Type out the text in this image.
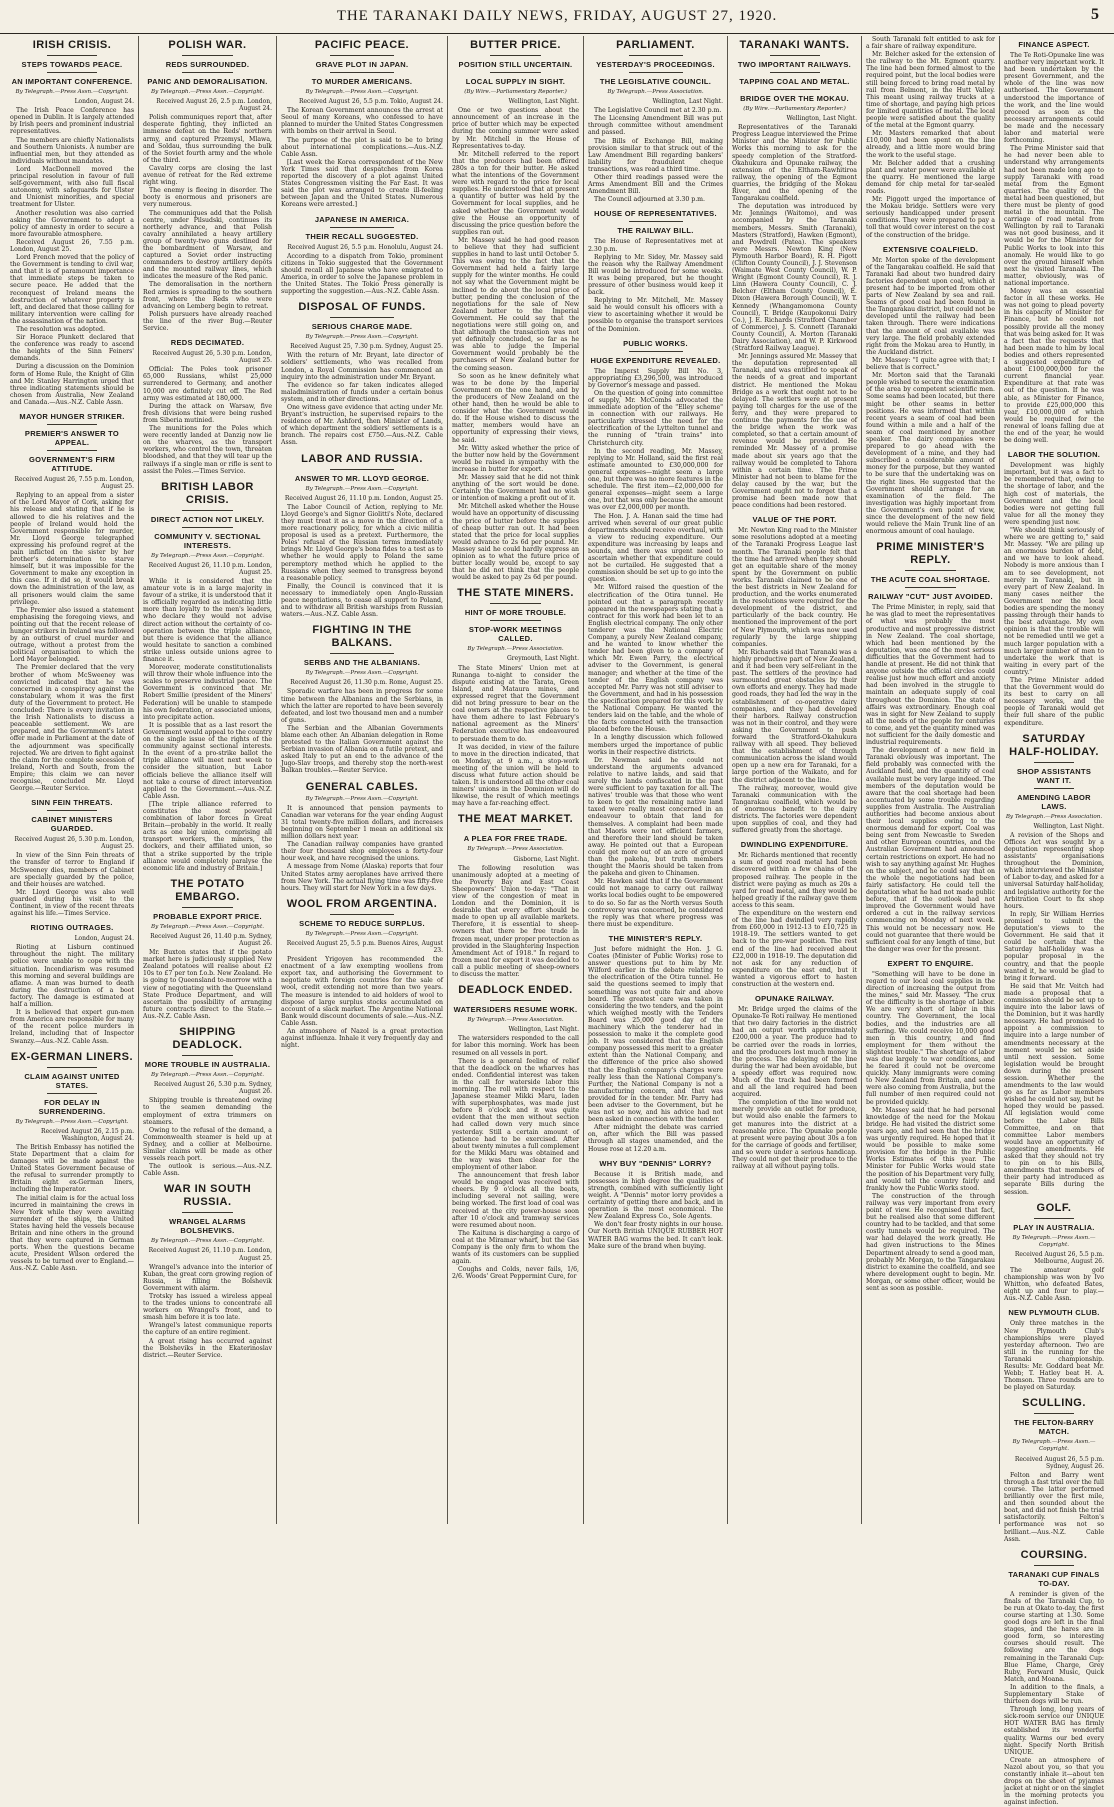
THE TARANAKI DAILY NEWS, FRIDAY, AUGUST 27, 1920.	5
IRISH CRISIS.
STEPS TOWARDS PEACE.
AN IMPORTANT CONFERENCE.
By Telegraph.—Press Assn.—Copyright.
London, August 24.

The Irish Peace Conference has opened in Dublin. It is largely attended by Irish peers and prominent industrial representatives.

The members are chiefly Nationalists and Southern Unionists. A number are influential men, but they attended as individuals without mandates.

Lord MacDonnell moved the principal resolution in favour of full self-government, with also full fiscal autonomy, with safeguards for Ulster and Unionist minorities, and special treatment for Ulster.

Another resolution was also carried asking the Government to adopt a policy of amnesty in order to secure a more favourable atmosphere.

Received August 26, 7.55 p.m. London, August 25.

Lord French moved that the policy of the Government is tending to civil war, and that it is of paramount importance that immediate steps be taken to secure peace. He added that the reconquest of Ireland means the destruction of whatever property is left, and declared that those calling for military intervention were calling for the assassination of the nation.

The resolution was adopted.

Sir Horace Plunkett declared that the conference was ready to ascend the heights of the Sinn Feiners' demands.

During a discussion on the Dominion form of Home Rule, the Knight of Glin and Mr. Stanley Harrington urged that three indicating statements should be chosen from Australia, New Zealand and Canada.—Aus.-N.Z. Cable Assn.

MAYOR HUNGER STRIKER.
PREMIER'S ANSWER TO APPEAL.
GOVERNMENT'S FIRM ATTITUDE.
Received August 26, 7.55 p.m. London, August 25.

Replying to an appeal from a sister of the Lord Mayor of Cork, asking for his release and stating that if he is allowed to die his relatives and the people of Ireland would hold the Government responsible for murder, Mr. Lloyd George telegraphed expressing his profound regret at the pain inflicted on the sister by her brother's determination to starve himself, but it was impossible for the Government to make any exception in this case. If it did so, it would break down the administration of the law, as all prisoners would claim the same privilege.

The Premier also issued a statement emphasising the foregoing views, and pointing out that the recent release of hunger strikers in Ireland was followed by an outburst of cruel murder and outrage, without a protest from the political organisation to which the Lord Mayor belonged.

The Premier declared that the very brother of whom McSweeney was convicted indicated that he was concerned in a conspiracy against the constabulary, whom it was the first duty of the Government to protect. He concluded: There is every invitation in the Irish Nationalists to discuss a peaceable settlement. We are prepared, and the Government's latest offer made in Parliament at the date of the adjournment was specifically rejected. We are driven to fight against the claim for the complete secession of Ireland, North and South, from the Empire; this claim we can never recognise, concluded Mr. Lloyd George.—Reuter Service.

SINN FEIN THREATS.
CABINET MINISTERS GUARDED.
Received August 26, 5.30 p.m. London, August 25.

In view of the Sinn Fein threats of the transfer of terror to England if McSweeney dies, members of Cabinet are specially guarded by the police, and their houses are watched.

Mr. Lloyd George was also well guarded during his visit to the Continent, in view of the recent threats against his life.—Times Service.

RIOTING OUTRAGES.
London, August 24.

Rioting at Lisburn continued throughout the night. The military police were unable to cope with the situation. Incendiarism was resumed this morning and several buildings are aflame. A man was burned to death during the destruction of a boot factory. The damage is estimated at half a million.

It is believed that expert gun-men from America are responsible for many of the recent police murders in Ireland, including that of Inspector Swanzy.—Aus.-N.Z. Cable Assn.

EX-GERMAN LINERS.
CLAIM AGAINST UNITED STATES.
FOR DELAY IN SURRENDERING.
By Telegraph.—Press Assn.—Copyright.
Received August 26, 2.15 p.m. Washington, August 24.

The British Embassy has notified the State Department that a claim for damages will be made against the United States Government because of the refusal to surrender promptly to Britain eight ex-German liners, including the Imperator.

The initial claim is for the actual loss incurred in maintaining the crews in New York while they were awaiting surrender of the ships, the United States having held the vessels because Britain and nine others in the ground that they were captured in German ports. When the questions became acute, President Wilson ordered the vessels to be turned over to England.—Aus.-N.Z. Cable Assn.

POLISH WAR.
REDS SURROUNDED.
PANIC AND DEMORALISATION.
By Telegraph.—Press Assn.—Copyright.
Received August 26, 2.5 p.m. London, August 24.

Polish communiques report that, after desperate fighting, they inflicted an immense defeat on the Reds' northern army, and captured Przemysl, Mlawa, and Soldau, thus surrounding the bulk of the Soviet fourth army and the whole of the third.

Cavalry corps are closing the last avenue of retreat for the Red extreme right wing.

The enemy is fleeing in disorder. The booty is enormous and prisoners are very numerous.

The communiques add that the Polish centre, under Pilsudski, continues its northerly advance, and that Polish cavalry annihilated a heavy artillery group of twenty-two guns destined for the bombardment of Warsaw, and captured a Soviet order instructing commanders to destroy artillery depôts and the mounted railway lines, which indicates the measure of the Red panic.

The demoralisation in the northern Red armies is spreading to the southern front, where the Reds who were advancing on Lemberg begin to retreat.

Polish pursuers have already reached the line of the river Bug.—Reuter Service.

REDS DECIMATED.
Received August 26, 5.30 p.m. London, August 25.

Official: The Poles took prisoner 65,000 Russians, whilst 25,000 surrendered to Germany, and another 10,000 are definitely cut off. The Red army was estimated at 180,000.

During the attack on Warsaw, five fresh divisions that were being rushed from Siberia mutinied.

The munitions for the Poles which were recently landed at Danzig now lie on the wharves, as the transport workers, who control the town, threaten bloodshed, and that they will tear up the railways if a single man or rifle is sent to assist the Poles.—Times Service.

BRITISH LABOR CRISIS.
DIRECT ACTION NOT LIKELY.
COMMUNITY V. SECTIONAL INTERESTS.
By Telegraph.—Press Assn.—Copyright.
Received August 26, 11.10 p.m. London, August 25.

While it is considered that the amateur vote is in a large majority in favour of a strike, it is understood that it is officially regarded as indicating little more than loyalty to the men's leaders, who declare they would not advise direct action without the certainty of co-operation between the triple alliance, but there is evidence that the alliance would hesitate to sanction a combined strike unless outside unions agree to finance it.

Moreover, moderate constitutionalists will throw their whole influence into the scales to preserve industrial peace. The Government is convinced that Mr. Robert Smillie (president of the Miners' Federation) will be unable to stampede his own federation, or associated unions, into precipitate action.

It is possible that as a last resort the Government would appeal to the country on the single issue of the rights of the community against sectional interests. In the event of a pro-strike ballot the triple alliance will meet next week to consider the situation, but Labor officials believe the alliance itself will not take a course of direct intervention applied to the Government.—Aus.-N.Z. Cable Assn.

[The triple alliance referred to constitutes the most powerful combination of labor forces in Great Britain—probably in the world. It really acts as one big union, comprising all transport workers, the miners, the dockers, and their affiliated union, so that a strike supported by the triple alliance would completely paralyse the economic life and industry of Britain.]

THE POTATO EMBARGO.
PROBABLE EXPORT PRICE.
By Telegraph.—Press Assn.—Copyright.
Received August 26, 11.40 p.m. Sydney, August 26.

Mr. Buxton states that if the potato market here is judiciously supplied New Zealand potatoes will realise about £2 10s to £7 per ton f.o.b. New Zealand. He is going to Queensland to-morrow with a view of negotiating with the Queensland State Produce Department, and will ascertain the possibility of arranging future contracts direct to the State.—Aus.-N.Z. Cable Assn.

SHIPPING DEADLOCK.
MORE TROUBLE IN AUSTRALIA.
By Telegraph.—Press Assn.—Copyright.
Received August 26, 5.30 p.m. Sydney, August 26.

Shipping trouble is threatened owing to the seamen demanding the employment of extra trimmers on steamers.

Owing to the refusal of the demand, a Commonwealth steamer is held up at Sydney, and a collier at Melbourne. Similar claims will be made as other vessels reach port.

The outlook is serious.—Aus.-N.Z. Cable Assn.

WAR IN SOUTH RUSSIA.
WRANGEL ALARMS BOLSHEVIKS.
By Telegraph.—Press Assn.—Copyright.
Received August 26, 11.10 p.m. London, August 25.

Wrangel's advance into the interior of Kuban, the great corn growing region of Russia, is filling the Bolshevik Government with alarm.

Trotsky has issued a wireless appeal to the trades unions to concentrate all workers on Wrangel's front, and to smash him before it is too late.

Wrangel's latest communique reports the capture of an entire regiment.

A great rising has occurred against the Bolsheviks in the Ekaterinoslav district.—Reuter Service.

PACIFIC PEACE.
GRAVE PLOT IN JAPAN.
TO MURDER AMERICANS.
By Telegraph.—Press Assn.—Copyright.
Received August 26, 5.5 p.m. Tokio, August 24.

The Korean Government announces the arrest at Seoul of many Koreans, who confessed to have planned to murder the United States Congressmen with bombs on their arrival in Seoul.

The purpose of the plot is said to be to bring about international complications.—Aus.-N.Z. Cable Assn.

[Last week the Korea correspondent of the New York Times said that despatches from Korea reported the discovery of a plot against United States Congressmen visiting the Far East. It was said the plot was arranged to create ill-feeling between Japan and the United States. Numerous Koreans were arrested.]

JAPANESE IN AMERICA.
THEIR RECALL SUGGESTED.
Received August 26, 5.5 p.m. Honolulu, August 24.

According to a dispatch from Tokio, prominent citizens in Tokio suggested that the Government should recall all Japanese who have emigrated to America, in order to solve the Japanese problem in the United States. The Tokio Press generally is supporting the suggestion.—Aus.-N.Z. Cable Assn.

DISPOSAL OF FUNDS.
SERIOUS CHARGE MADE.
By Telegraph.—Press Assn.—Copyright.
Received August 25, 7.30 p.m. Sydney, August 25.

With the return of Mr. Bryant, late director of soldiers' settlements, who was recalled from London, a Royal Commission has commenced an inquiry into the administration under Mr. Bryant.

The evidence so far taken indicates alleged maladministration of funds under a certain bonus system, and in other directions.

One witness gave evidence that acting under Mr. Bryant's instruction, he supervised repairs to the residence of Mr. Ashford, then Minister of Lands, of which department the soldiers' settlements is a branch. The repairs cost £750.—Aus.-N.Z. Cable Assn.

LABOR AND RUSSIA.
ANSWER TO MR. LLOYD GEORGE.
By Telegraph.—Press Assn.—Copyright.
Received August 26, 11.10 p.m. London, August 25.

The Labor Council of Action, replying to Mr. Lloyd George's and Signor Giolitti's Note, declared they must treat it as a move in the direction of a more reactionary policy, for which a civic militia proposal is used as a pretext. Furthermore, the Poles' refusal of the Russian terms immediately brings Mr. Lloyd George's bona fides to a test as to whether he would apply to Poland the same peremptory method which he applied to the Russians when they seemed to transgress beyond a reasonable policy.

Finally, the Council is convinced that it is necessary to immediately open Anglo-Russian peace negotiations, to cease all support to Poland, and to withdraw all British warships from Russian waters.—Aus.-N.Z. Cable Assn.

FIGHTING IN THE BALKANS.
SERBS AND THE ALBANIANS.
By Telegraph.—Press Assn.—Copyright.
Received August 26, 11.30 p.m. Rome, August 25.

Sporadic warfare has been in progress for some time between the Albanians and the Serbians, in which the latter are reported to have been severely defeated, and lost two thousand men and a number of guns.

The Serbian and the Albanian Governments blame each other. An Albanian delegation in Rome protested to the Italian Government against the Serbian invasion of Albania on a futile pretext, and asked Italy to put an end to the advance of the Jugo-Slav troops, and thereby stop the north-west Balkan troubles.—Reuter Service.

GENERAL CABLES.
By Telegraph.—Press Assn.—Copyright.

It is announced that pension payments to Canadian war veterans for the year ending August 31 total twenty-five million dollars, and increases beginning on September 1 mean an additional six million dollars next year.

The Canadian railway companies have granted their four thousand shop employees a forty-four hour week, and have recognised the unions.

A message from Nome (Alaska) reports that four United States army aeroplanes have arrived there from New York. The actual flying time was fifty-five hours. They will start for New York in a few days.

WOOL FROM ARGENTINA.
SCHEME TO REDUCE SURPLUS.
By Telegraph.—Press Assn.—Copyright.
Received August 25, 5.5 p.m. Buenos Aires, August 23.

President Yrigoyen has recommended the enactment of a law exempting woollens from export tax, and authorising the Government to negotiate with foreign countries for the sale of wool, credit extending not more than two years. The measure is intended to aid holders of wool to dispose of large surplus stocks accumulated on account of a slack market. The Argentine National Bank would discount documents of sale.—Aus.-N.Z. Cable Assn.

An atmosphere of Nazol is a great protection against influenza. Inhale it very frequently day and night.

BUTTER PRICE.
POSITION STILL UNCERTAIN.
LOCAL SUPPLY IN SIGHT.
(By Wire.—Parliamentary Reporter.)
Wellington, Last Night.

One or two questions about the announcement of an increase in the price of butter which may be expected during the coming summer were asked by Mr. Mitchell in the House of Representatives to-day.

Mr. Mitchell referred to the report that the producers had been offered 280s a ton for their butter. He asked what the intentions of the Government were with regard to the price for local supplies. He understood that at present a quantity of butter was held by the Government for local supplies, and he asked whether the Government would give the House an opportunity of discussing the price question before the supplies ran out.

Mr. Massey said he had good reason to believe that they had sufficient supplies in hand to last until October 5. This was owing to the fact that the Government had held a fairly large supply for the winter months. He could not say what the Government might be inclined to do about the local price of butter, pending the conclusion of the negotiations for the sale of New Zealand butter to the Imperial Government. He could say that the negotiations were still going on, and that although the transaction was not yet definitely concluded, so far as he was able to judge the Imperial Government would probably be the purchasers of New Zealand butter for the coming season.

So soon as he knew definitely what was to be done by the Imperial Government on the one hand, and by the producers of New Zealand on the other hand, then he would be able to consider what the Government would do. If the House wished to discuss the matter, members would have an opportunity of expressing their views, he said.

Mr. Witty asked whether the price of the butter now held by the Government would be raised in sympathy with the increase in butter for export.

Mr. Massey said that he did not think anything of the sort would be done. Certainly the Government had no wish or intention of making a profit out of it.

Mr. Mitchell asked whether the House would have an opportunity of discussing the price of butter before the supplies of cheap butter ran out. It had been stated that the price for local supplies would advance to 2s 6d per pound. Mr. Massey said he could hardly express an opinion as to what the future price of butter locally would be, except to say that he did not think that the people would be asked to pay 2s 6d per pound.

THE STATE MINERS.
HINT OF MORE TROUBLE.
STOP-WORK MEETINGS CALLED.
By Telegraph.—Press Association.
Greymouth, Last Night.

The State Miners' Union met at Runanga to-night to consider the dispute existing at the Tarata, Green Island, and Mataura mines, and expressed regret that the Government did not bring pressure to bear on the coal owners at the respective places to have them adhere to last February's national agreement as the Miners' Federation executive has endeavoured to persuade them to do.

It was decided, in view of the failure to move in the direction indicated, that on Monday, at 9 a.m., a stop-work meeting of the union will be held to discuss what future action should be taken. It is understood all the other coal miners' unions in the Dominion will do likewise, the result of which meetings may have a far-reaching effect.

THE MEAT MARKET.
A PLEA FOR FREE TRADE.
By Telegraph.—Press Association.
Gisborne, Last Night.

The following resolution was unanimously adopted at a meeting of the Poverty Bay and East Coast Sheepowners' Union to-day: "That in view of the congestion of meat in London and the Dominion, it is desirable that every effort should be made to open up all available markets. Therefore, it is essential to sheep-owners that there be free trade in frozen meat, under proper protection as provided in the Slaughtering Inspection Amendment Act of 1918." In regard to frozen meat for export it was decided to call a public meeting of sheep-owners to discuss the matter.

DEADLOCK ENDED.
WATERSIDERS RESUME WORK.
By Telegraph.—Press Association.
Wellington, Last Night.

The watersiders responded to the call for labor this morning. Work has been resumed on all vessels in port.

There is a general feeling of relief that the deadlock on the wharves has ended. Confidential interest was taken in the call for waterside labor this morning. The roll with respect to the Japanese steamer Mikki Maru, laden with superphosphates, was made just before 8 o'clock and it was quite evident that the men without section had called down very much since yesterday. Still a certain amount of patience had to be exercised. After about twenty minutes a full complement for the Mikki Maru was obtained and the way was then clear for the employment of other labor.

The announcement that fresh labor would be engaged was received with cheers. By 9 o'clock all the boats, including several not sailing, were being worked. The first load of coal was received at the city power-house soon after 10 o'clock and tramway services were resumed about noon.

The Kaituna is discharging a cargo of coal at the Miramar wharf, but the Gas Company is the only firm to whom the wants of its customers can be supplied again.

Coughs and Colds, never fails, 1/6, 2/6. Woods' Great Peppermint Cure, for

PARLIAMENT.
YESTERDAY'S PROCEEDINGS.
THE LEGISLATIVE COUNCIL.
By Telegraph.—Press Association.
Wellington, Last Night.

The Legislative Council met at 2.30 p.m.

The Licensing Amendment Bill was put through committee without amendment and passed.

The Bills of Exchange Bill, making provision similar to that struck out of the Law Amendment Bill regarding bankers' liability for fraudulent cheque transactions, was read a third time.

Other third readings passed were the Arms Amendment Bill and the Crimes Amendment Bill.

The Council adjourned at 3.30 p.m.

HOUSE OF REPRESENTATIVES.
THE RAILWAY BILL.

The House of Representatives met at 2.30 p.m.

Replying to Mr. Sidey, Mr. Massey said the reason why the Railway Amendment Bill would be introduced for some weeks. It was being prepared, but he thought pressure of other business would keep it back.

Replying to Mr. Mitchell, Mr. Massey said he would consult his officers with a view to ascertaining whether it would be possible to organise the transport services of the Dominion.

PUBLIC WORKS.
HUGE EXPENDITURE REVEALED.

The Imperst Supply Bill No. 3, appropriating £3,296,500, was introduced by Governor's message and passed.

On the question of going into committee of supply, Mr. McCombs advocated the immediate adoption of the "Elley scheme" in connection with our railways. He particularly stressed the need for the electrification of the Lyttelton tunnel and the running of "train trains" into Christchurch city.

In the second reading, Mr. Massey, replying to Mr. Holland, said the first real estimate amounted to £30,000,000 for general expenses—might seem a large one, but there was no more features in the schedule. The first item—£2,000,000 for general expenses—might seem a large one, but that was only because the amount was over £2,000,000 per month.

The Hon. J. A. Hanan said the time had arrived when several of our great public departments should receive overhaul, with a view to reducing expenditure. Our expenditure was increasing by leaps and bounds, and there was urgent need to ascertain whether that expenditure could not be curtailed. He suggested that a commission should be set up to go into the question.

Mr. Wilford raised the question of the electrification of the Otira tunnel. He pointed out that a paragraph recently appeared in the newspapers stating that a contract for this work had been let to an English electrical company. The only other tenderer was the National Electric Company, a purely New Zealand company, and he wanted to know whether the tender had been given to a company of which Mr. Ewen Parry, the electrical adviser to the Government, is general manager; and whether at the time of the tender of the English company was accepted Mr. Parry was not still adviser to the Government, and had in his possession the specification prepared for this work by the National Company. He wanted the tenders laid on the table, and the whole of the facts connected with the transaction placed before the House.

In a lengthy discussion which followed members urged the importance of public works in their respective districts.

Dr. Newman said he could not understand the arguments advanced relative to native lands, and said that surely the lands confiscated in the past were sufficient to pay taxation for all. The natives' trouble was that those who went to keen to get the remaining native land taxed were really most concerned in an endeavour to obtain that land for themselves. A complaint had been made that Maoris were not efficient farmers, and therefore their land should be taken away. He pointed out that a European could get more out of an acre of ground than the pakeha, but truth members thought the Maoris should be taken from the pakeha and given to Chinamen.

Mr. Hawken said that if the Government could not manage to carry out railway works local bodies ought to be empowered to do so. So far as the North versus South controversy was concerned, he considered the reply was that where progress was there must be expenditure.

THE MINISTER'S REPLY.

Just before midnight the Hon. J. G. Coates (Minister of Public Works) rose to answer questions put to him by Mr. Wilford earlier in the debate relating to the electrification of the Otira tunnel. He said the questions seemed to imply that something was not quite fair and above board. The greatest care was taken in considering the two tenders, and the point which weighed mostly with the Tenders Board was 25,000 good day of the machinery which the tenderer had in possession to make it the complete good job. It was considered that the English company possessed this merit to a greater extent than the National Company, and the difference of the price also showed that the English company's charges were really less than the National Company's. Further, the National Company is not a manufacturing concern, and that was provided for in the tender. Mr. Parry had been adviser to the Government, but he was not so now, and his advice had not been asked in connection with the tender.

After midnight the debate was carried on, after which the Bill was passed through all stages unamended, and the House rose at 12.20 a.m.

WHY BUY "DENNIS" LORRY?

Because it is British made, and possesses in high degree the qualities of strength, combined with sufficiently light weight. A "Dennis" motor lorry provides a certainty of getting there and back, and in operation is the most economical. The New Zealand Express Co., Sole Agents.

We don't fear frosty nights in our house. Our North British UNIQUE RUBBER HOT WATER BAG warms the bed. It can't leak. Make sure of the brand when buying.

TARANAKI WANTS.
TWO IMPORTANT RAILWAYS.
TAPPING COAL AND METAL.
BRIDGE OVER THE MOKAU.
(By Wire.—Parliamentary Reporter.)
Wellington, Last Night.

Representatives of the Taranaki Progress League interviewed the Prime Minister and the Minister for Public Works this morning to ask for the speedy completion of the Stratford-Okahukura and Opunake railway, the extension of the Eltham-Rawhitiroa railway, the opening of the Egmont quarries, the bridging of the Mokau River, and the opening of the Tangarakau coalfield.

The deputation was introduced by Mr. Jennings (Waitomo), and was accompanied by the Taranaki members, Messrs. Smith (Taranaki), Masters (Stratford), Hawken (Egmont), and Powdrell (Patea). The speakers were Messrs. Newton King (New Plymouth Harbor Board), R. H. Pigott (Clifton County Council), J. J. Stevenson (Waimate West County Council), W. P. Wright (Egmont County Council), R. J. Linn (Hawera County Council), C. J. Belcher (Eltham County Council), E. Dixon (Hawera Borough Council), W. T. Kennedy (Whangamomona County Council), T. Bridge (Kaupokonui Dairy Co.), J. E. Richards (Stratford Chamber of Commerce), J. S. Connett (Taranaki County Council), A. Morton (Taranaki Dairy Association), and W. P. Kirkwood (Stratford Railway League).

Mr. Jennings assured Mr. Massey that the deputation represented all Taranaki, and was entitled to speak of the needs of a great and important district. He mentioned the Mokau Bridge as a work that ought not to be delayed. The settlers were at present paying toll charges for the use of the ferry, and they were prepared to continue the payments for the use of the bridge when the work was completed, so that a certain amount of revenue would be provided. He reminded Mr. Massey of a promise made about six years ago that the railway would be completed to Tahora within a certain time. The Prime Minister had not been to blame for the delay caused by the war, but the Government ought not to forget that a promise had been made now that peace conditions had been restored.

VALUE OF THE PORT.

Mr. Newton King read to the Minister some resolutions adopted at a meeting of the Taranaki Progress League last month. The Taranaki people felt that the time had arrived when they should get an equitable share of the money spent by the Government on public works. Taranaki claimed to be one of the best districts in New Zealand for production, and the works enumerated in the resolutions were required for the development of the district, and particularly of the back country. He mentioned the improvement of the port of New Plymouth, which was now used regularly by the large shipping companies.

Mr. Richards said that Taranaki was a highly productive part of New Zealand, and it had been very self-reliant in the past. The settlers of the province had surmounted great obstacles by their own efforts and energy. They had made good roads, they had led the way in the establishment of co-operative dairy companies, and they had developed their harbors. Railway construction was not in their control, and they were asking the Government to push forward the Stratford-Okahukura railway with all speed. They believed that the establishment of through communication across the island would open up a new era for Taranaki, for a large portion of the Waikato, and for the district adjacent to the line.

The railway, moreover, would give Taranaki communication with the Tangarakau coalfield, which would be of enormous benefit to the dairy districts. The factories were dependent upon supplies of coal, and they had suffered greatly from the shortage.

DWINDLING EXPENDITURE.

Mr. Richards mentioned that recently a sum of good road metal had been discovered within a few chains of the proposed railway. The people in the district were paying as much as 20s a yard for road metal, and they would be helped greatly if the railway gave them access to this seam.

The expenditure on the western end of the line had dwindled very rapidly from £60,000 in 1912-13 to £10,725 in 1918-19. The settlers wanted to get back to the pre-war position. The rest end of the line had received about £22,000 in 1918-19. The deputation did not ask for any reduction of expenditure on the east end, but it wanted a vigorous effort to hasten construction at the western end.

OPUNAKE RAILWAY.

Mr. Bridge urged the claims of the Opunake-Te Roti railway. He mentioned that two dairy factories in the district had an output worth approximately £200,000 a year. The produce had to be carried over the roads in lorries, and the producers lost much money in the process. The delaying of the line during the war had been avoidable, but a speedy effort was required now. Much of the track had been formed and all the land required had been acquired.

The completion of the line would not merely provide an outlet for produce, but would also enable the farmers to get manures into the district at a reasonable price. The Opunake people at present were paying about 30s a ton for the carriage of goods and fertiliser, and so were under a serious handicap. They could not get their produce to the railway at all without paying tolls.

South Taranaki felt entitled to ask for a fair share of railway expenditure.

Mr. Belcher asked for the extension of the railway to the Mt. Egmont quarry. The line had been formed almost to the required point, but the local bodies were still being forced to bring road metal by rail from Belmont, in the Hutt Valley. This meant using railway trucks at a time of shortage, and paying high prices for limited quantities of metal. The local people were satisfied about the quality of the metal at the Egmont quarry.

Mr. Masters remarked that about £10,000 had been spent on the line already, and a little more would bring the work to the useful stage.

Mr. Belcher added that a crushing plant and water power were available at the quarry. He mentioned the large demand for chip metal for tar-sealed roads.

Mr. Piggott urged the importance of the Mokau bridge. Settlers were very seriously handicapped under present conditions. They were prepared to pay a toll that would cover interest on the cost of the construction of the bridge.

EXTENSIVE COALFIELD.

Mr. Morton spoke of the development of the Tangarakau coalfield. He said that Taranaki had about two hundred dairy factories dependent upon coal, which at present had to be imported from other parts of New Zealand by sea and rail. Seams of good coal had been found in the Tangarakau district, but could not be developed until the railway had been taken through. There were indications that the amount of coal available was very large. The field probably extended right from the Mokau area to Huntly, in the Auckland district.

Mr. Massey: "I quite agree with that; I believe that is correct."

Mr. Morton said that the Taranaki people wished to secure the examination of the area by competent scientific men. Some seams had been located, but there might be other seams in better positions. He was informed that within recent years a seam of coal had been found within a mile and a half of the seam of coal mentioned by another speaker. The dairy companies were prepared to go ahead with the development of a mine, and they had subscribed a considerable amount of money for the purpose, but they wanted to be sure that the undertaking was on the right lines. He suggested that the Government should arrange for an examination of the field. The investigation was highly important from the Government's own point of view, since the development of the new field would relieve the Main Trunk line of an enormous amount of coal haulage.

PRIME MINISTER'S REPLY.
THE ACUTE COAL SHORTAGE.
RAILWAY "CUT" JUST AVOIDED.

The Prime Minister, in reply, said that he was glad to meet the representatives of what was probably the most productive and most progressive district in New Zealand. The coal shortage, which had been mentioned by the deputation, was one of the most serious difficulties that the Government had to handle at present. He did not think that anyone outside the official circles could realise just how much effort and anxiety had been involved in the struggle to maintain an adequate supply of coal throughout the Dominion. The state of affairs was extraordinary. Enough coal was in sight for New Zealand to supply all the needs of the people for centuries to come, and yet the quantity mined was not sufficient for the daily domestic and industrial requirements.

The development of a new field in Taranaki obviously was important. The field probably was connected with the Auckland field, and the quantity of coal available must be very large indeed. The members of the deputation would be aware that the coal shortage had been accentuated by some trouble regarding supplies from Australia. The Australian authorities had become anxious about their local supplies owing to the enormous demand for export. Coal was being sent from Newcastle to Sweden and other European countries, and the Australian Government had announced certain restrictions on export. He had no wish to say anything against Mr. Hughes on the subject, and he could say that on the whole the negotiations had been fairly satisfactory. He could tell the deputation what he had not made public before, that if the outlook had not improved the Government would have ordered a cut in the railway services commencing on Monday of next week. This would not be necessary now. He could not guarantee that there would be sufficient coal for any length of time, but the danger was over for the present.

EXPERT TO ENQUIRE.

"Something will have to be done in regard to our local coal supplies in the direction of increasing the output from the mines," said Mr. Massey. "The crux of the difficulty is the shortage of labor. We are very short of labor in this country. The Government, the local bodies, and the industries are all suffering. We could receive 10,000 good men in this country, and find employment for them without the slightest trouble." The shortage of labor was due largely to war conditions, and he feared it could not be overcome quickly. Many immigrants were coming to New Zealand from Britain, and some were also coming from Australia, but the full number of men required could not be provided quickly.

Mr. Massey said that he had personal knowledge of the need for the Mokau bridge. He had visited the district some years ago, and had seen that the bridge was urgently required. He hoped that it would be possible to make some provision for the bridge in the Public Works Estimates of this year. The Minister for Public Works would state the position of his Department very fully, and would tell the country fairly and frankly how the Public Works stood.

The construction of the through railway was very important from every point of view. He recognised that fact, but he realised also that some different country had to be tackled, and that some costly tunnels would be required. The war had delayed the work greatly. He had given instructions to the Mines Department already to send a good man, probably Mr. Morgan, to the Tangarakau district to examine the coalfield, and see where development ought to begin. Mr. Morgan, or some other officer, would be sent as soon as possible.

FINANCE ASPECT.

The Te Roti-Opunake line was another very important work. It had been undertaken by the present Government, and the whole of the line was now authorised. The Government understood the importance of the work, and the line would proceed as soon as the necessary arrangements could be made and the necessary labor and material were forthcoming.

The Prime Minister said that he had never been able to understand why arrangements had not been made long ago to supply Taranaki with road metal from the Egmont quarries. The quality of the metal had been questioned, but there must be plenty of good metal in the mountain. The carriage of road metal from Wellington by rail to Taranaki was not good business, and it would be for the Minister for Public Works to look into this anomaly. He would like to go over the ground himself when next he visited Taranaki. The matter, obviously, was of national importance.

Money was an essential factor in all these works. He was not going to plead poverty in his capacity of Minister for Finance, but he could not possibly provide all the money that was being asked for. It was a fact that the requests that had been made to him by local bodies and others represented a suggested expenditure of about £100,000,000 for the current financial year. Expenditure at that rate was out of the question. If he was able, as Minister for Finance, to provide £25,000,000 this year, £10,000,000 of which would be required for the renewal of loans falling due at the end of the year, he would be doing well.

LABOR THE SOLUTION.

Development was highly important, but it was a fact to be remembered that, owing to the shortage of labor, and the high cost of materials, the Government and the local bodies were not getting full value for all the money they were spending just now.

"We should think seriously of where we are getting to," said Mr. Massey. "We are piling up an enormous burden of debt, and we have to look ahead. Nobody is more anxious than I am to see development, not merely in Taranaki, but in every part of New Zealand. In many cases neither the Government nor the local bodies are spending the money passing through their hands to the best advantage. My own opinion is that the trouble will not be remedied until we get a much larger population with a much larger number of men to undertake the work that is waiting in every part of the country."

The Prime Minister added that the Government would do its best to carry on all necessary works, and the people of Taranaki would get their full share of the public expenditure.

SATURDAY HALF-HOLIDAY.
SHOP ASSISTANTS WANT IT.
AMENDING LABOR LAWS.
By Telegraph.—Press Association.
Wellington, Last Night.

A revision of the Shops and Offices Act was sought by a deputation representing shop assistants' organisations throughout the Dominion, which interviewed the Minister of Labor to-day, and asked for a universal Saturday half-holiday, and legislative authority for the Arbitration Court to fix shop hours.

In reply, Sir William Herries promised to submit the deputation's views to the Government. He said that it could be certain that the Saturday half-holiday was a popular proposal in the country, and that the people wanted it, he would be glad to bring it forward.

He said that Mr. Veitch had made a proposal that a commission should be set up to inquire into the labor laws of the Dominion, but it was hardly necessary. He had promised to appoint a commission to inquire into a large number of amendments necessary at the moment would be set aside until next session. Some legislation would be brought down during the present session. Whether the amendments to the law would go as far as Labor members wished he could not say, but he hoped they would be passed. All legislation would come before the Labor Bills Committee, and on that committee Labor members would have an opportunity of suggesting amendments. He asked that they should not try to pin on to his Bills, amendments that members of their party had introduced as separate Bills during the session.

GOLF.
PLAY IN AUSTRALIA.
By Telegraph.—Press Assn.—Copyright.
Received August 26, 5.5 p.m. Melbourne, August 26.

The amateur golf championship was won by Ivo Whitton, who defeated Bates, eight up and four to play.—Aus.-N.Z. Cable Assn.

NEW PLYMOUTH CLUB.

Only three matches in the New Plymouth Club's championships were played yesterday afternoon. Two are still in the running for the Taranaki championship. Results: Mr. Goddard beat Mr. Webb; T. Hatley beat H. A. Thomson. Three rounds are to be played on Saturday.

SCULLING.
THE FELTON-BARRY MATCH.
By Telegraph.—Press Assn.—Copyright.
Received August 26, 5.5 p.m. Sydney, August 26.

Felton and Barry went through a fast trial over the full course. The latter performed brilliantly over the first mile, and then sounded about the boat, and did not finish the trial satisfactorily. Felton's performance was not so brilliant.—Aus.-N.Z. Cable Assn.

COURSING.
TARANAKI CUP FINALS TO-DAY.

A reminder is given of the finals of the Taranaki Cup, to be run at Okato to-day, the first course starting at 1.30. Some good dogs are left in the final stages, and the hares are in good form, so interesting courses should result. The following are the dogs remaining in the Taranaki Cup: Blue Flame, Charge, Grey Ruby, Forward Music, Quick Match, and Moana.

In addition to the finals, a Supplementary Stake of thirteen dogs will be run.

Through long, long years of sick-room service our UNIQUE HOT WATER BAG has firmly established its wonderful quality. Warms our bed every night. Specify North British UNIQUE.

Create an atmosphere of Nazol about you, so that you constantly inhale it—about ten drops on the sheet of pyjamas jacket at night or on the singlet in the morning protects you against infection.
